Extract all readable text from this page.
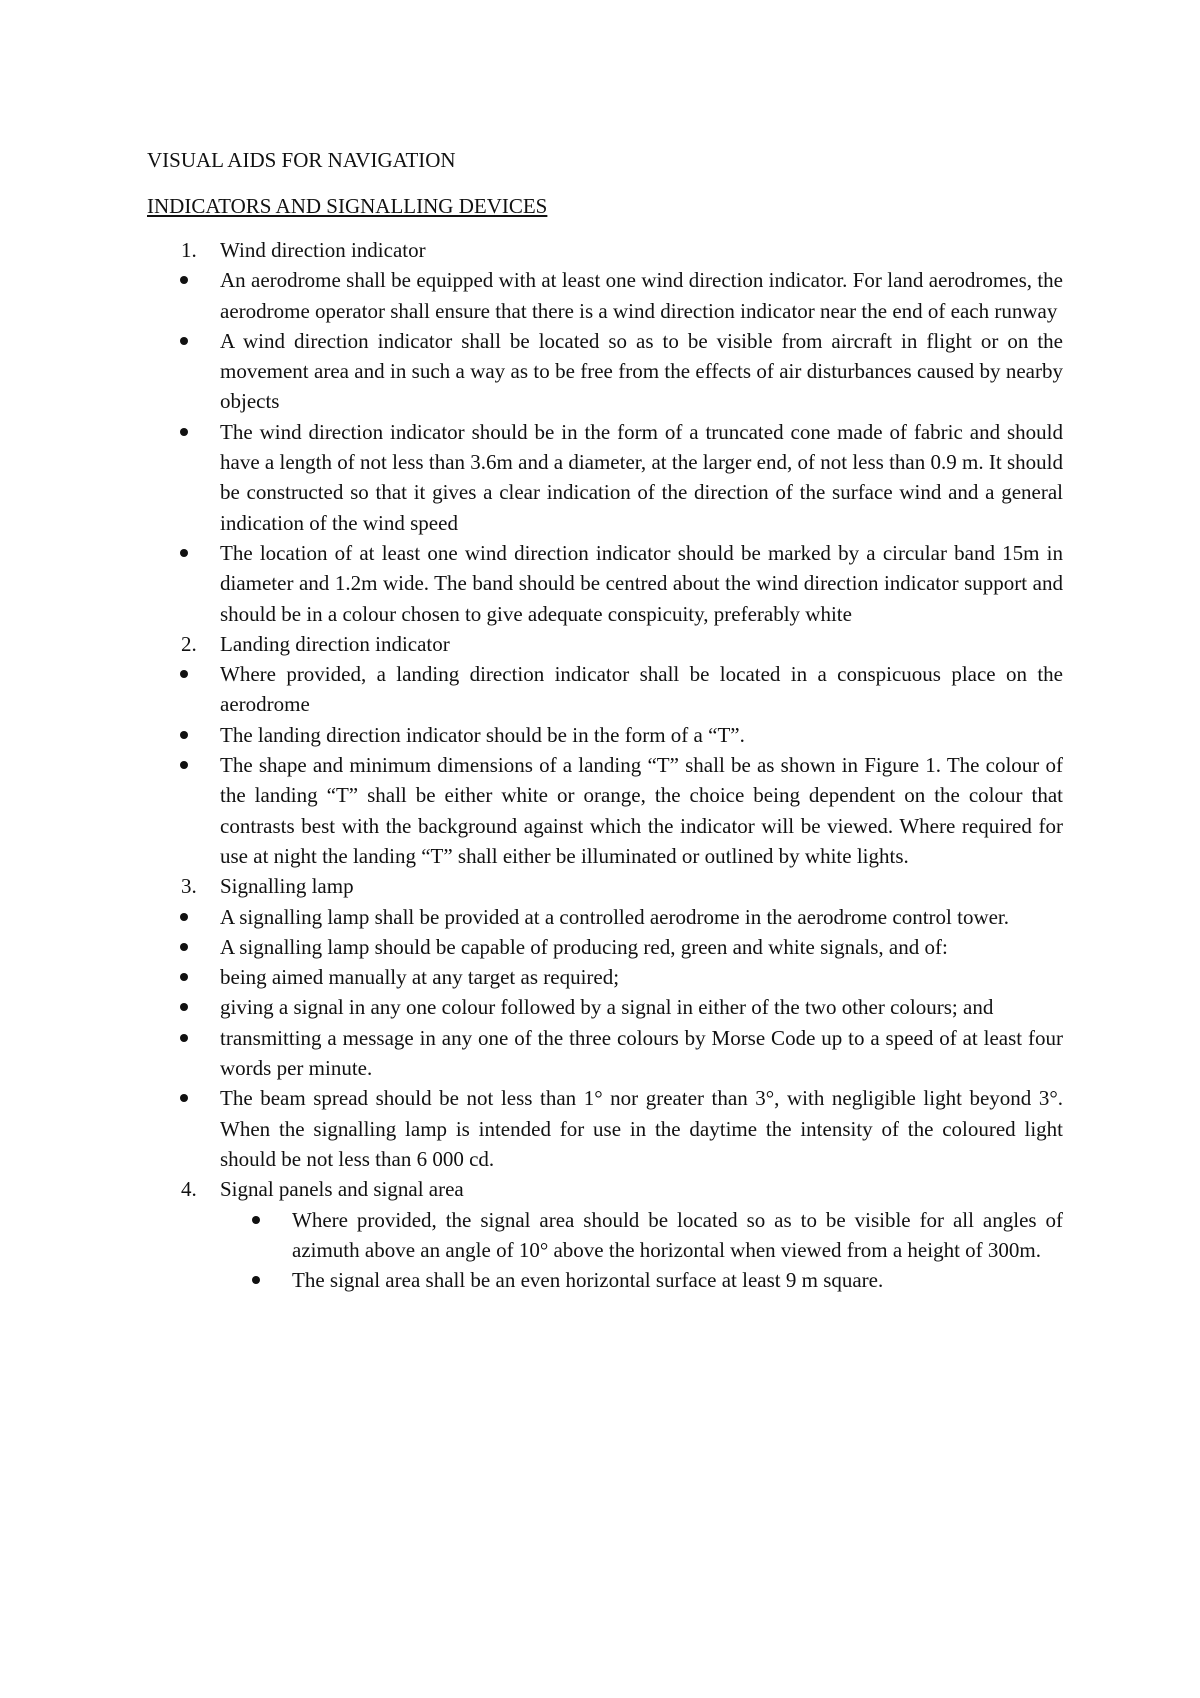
VISUAL AIDS FOR NAVIGATION
INDICATORS AND SIGNALLING DEVICES
1.	Wind direction indicator
An aerodrome shall be equipped with at least one wind direction indicator. For land aerodromes, the aerodrome operator shall ensure that there is a wind direction indicator near the end of each runway
A wind direction indicator shall be located so as to be visible from aircraft in flight or on the movement area and in such a way as to be free from the effects of air disturbances caused by nearby objects
The wind direction indicator should be in the form of a truncated cone made of fabric and should have a length of not less than 3.6m and a diameter, at the larger end, of not less than 0.9 m. It should be constructed so that it gives a clear indication of the direction of the surface wind and a general indication of the wind speed
The location of at least one wind direction indicator should be marked by a circular band 15m in diameter and 1.2m wide. The band should be centred about the wind direction indicator support and should be in a colour chosen to give adequate conspicuity, preferably white
2.	Landing direction indicator
Where provided, a landing direction indicator shall be located in a conspicuous place on the aerodrome
The landing direction indicator should be in the form of a “T”.
The shape and minimum dimensions of a landing “T” shall be as shown in Figure 1. The colour of the landing “T” shall be either white or orange, the choice being dependent on the colour that contrasts best with the background against which the indicator will be viewed. Where required for use at night the landing “T” shall either be illuminated or outlined by white lights.
3.	Signalling lamp
A signalling lamp shall be provided at a controlled aerodrome in the aerodrome control tower.
A signalling lamp should be capable of producing red, green and white signals, and of:
being aimed manually at any target as required;
giving a signal in any one colour followed by a signal in either of the two other colours; and
transmitting a message in any one of the three colours by Morse Code up to a speed of at least four words per minute.
The beam spread should be not less than 1° nor greater than 3°, with negligible light beyond 3°. When the signalling lamp is intended for use in the daytime the intensity of the coloured light should be not less than 6 000 cd.
4.	Signal panels and signal area
Where provided, the signal area should be located so as to be visible for all angles of azimuth above an angle of 10° above the horizontal when viewed from a height of 300m.
The signal area shall be an even horizontal surface at least 9 m square.
